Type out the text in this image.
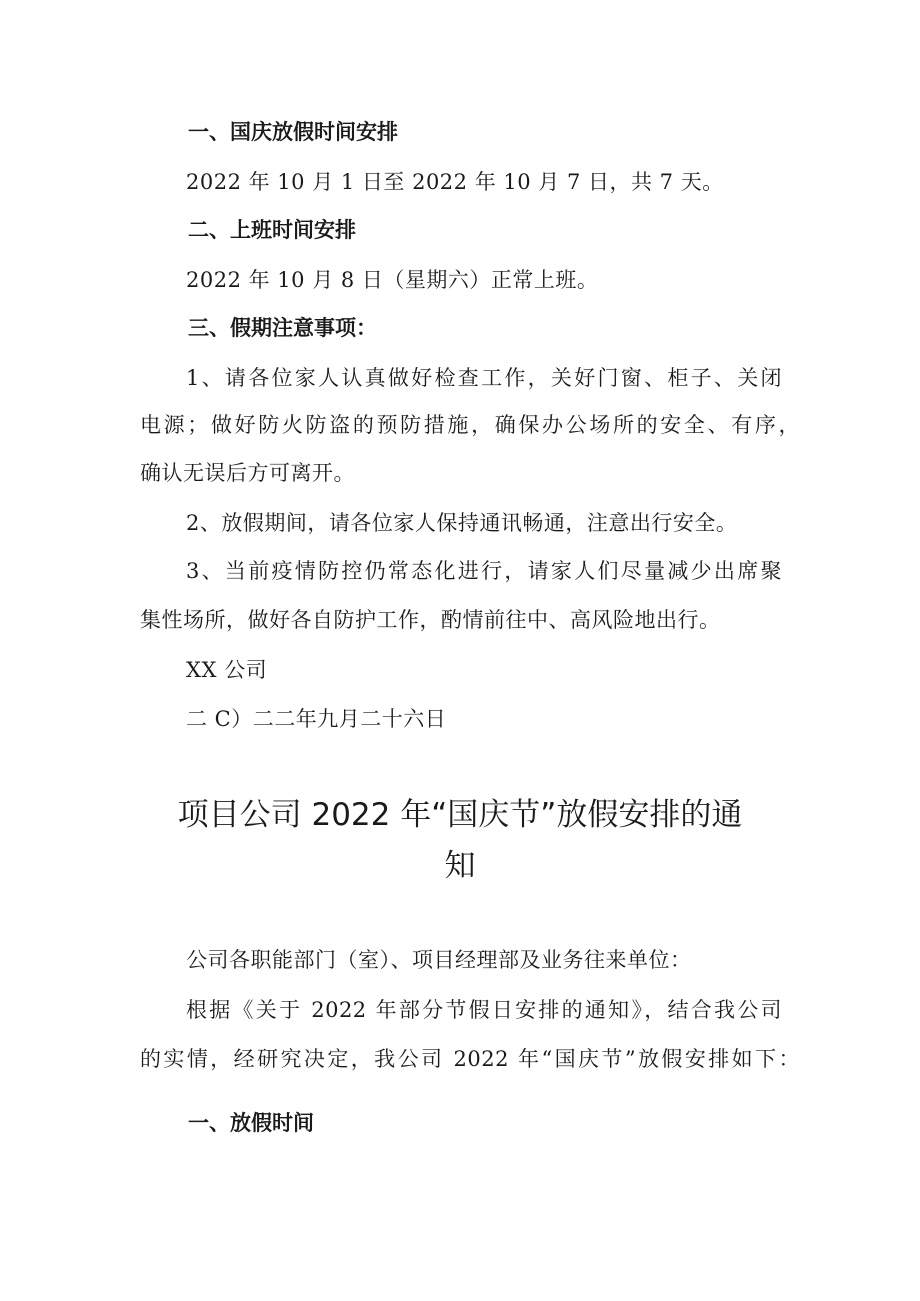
一、国庆放假时间安排
2022 年 10 月 1 日至 2022 年 10 月 7 日，共 7 天。
二、上班时间安排
2022 年 10 月 8 日（星期六）正常上班。
三、假期注意事项：
1、请各位家人认真做好检查工作，关好门窗、柜子、关闭
电源；做好防火防盗的预防措施，确保办公场所的安全、有序，
确认无误后方可离开。
2、放假期间，请各位家人保持通讯畅通，注意出行安全。
3、当前疫情防控仍常态化进行，请家人们尽量减少出席聚
集性场所，做好各自防护工作，酌情前往中、高风险地出行。
XX 公司
二 C）二二年九月二十六日
项目公司 2022 年“国庆节”放假安排的通
知
公司各职能部门（室）、项目经理部及业务往来单位：
根据《关于 2022 年部分节假日安排的通知》，结合我公司
的实情，经研究决定，我公司 2022 年“国庆节”放假安排如下：
一、放假时间
